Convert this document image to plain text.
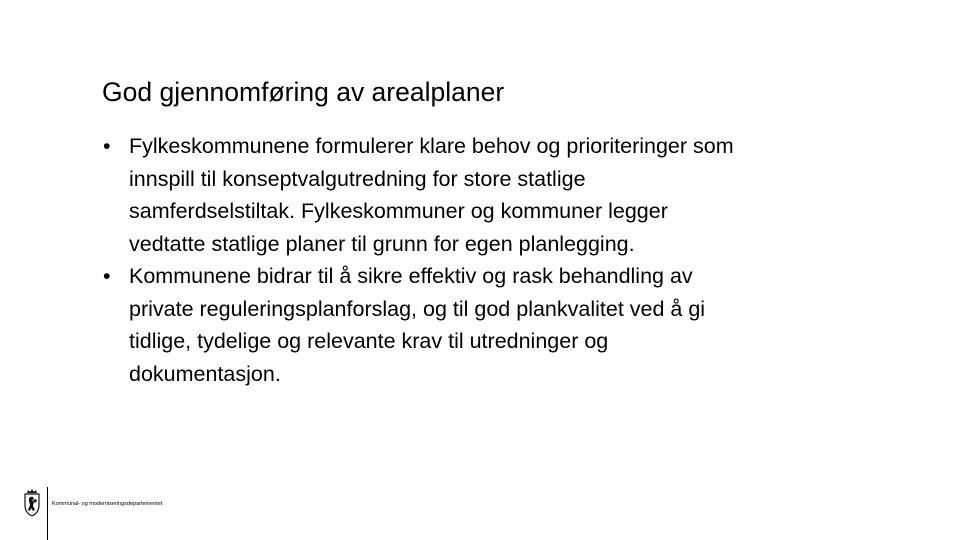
God gjennomføring av arealplaner
• Fylkeskommunene formulerer klare behov og prioriteringer som
innspill til konseptvalgutredning for store statlige
samferdselstiltak. Fylkeskommuner og kommuner legger
vedtatte statlige planer til grunn for egen planlegging.
• Kommunene bidrar til å sikre effektiv og rask behandling av
private reguleringsplanforslag, og til god plankvalitet ved å gi
tidlige, tydelige og relevante krav til utredninger og
dokumentasjon.
Kommunal- og moderniseringsdepartementet
